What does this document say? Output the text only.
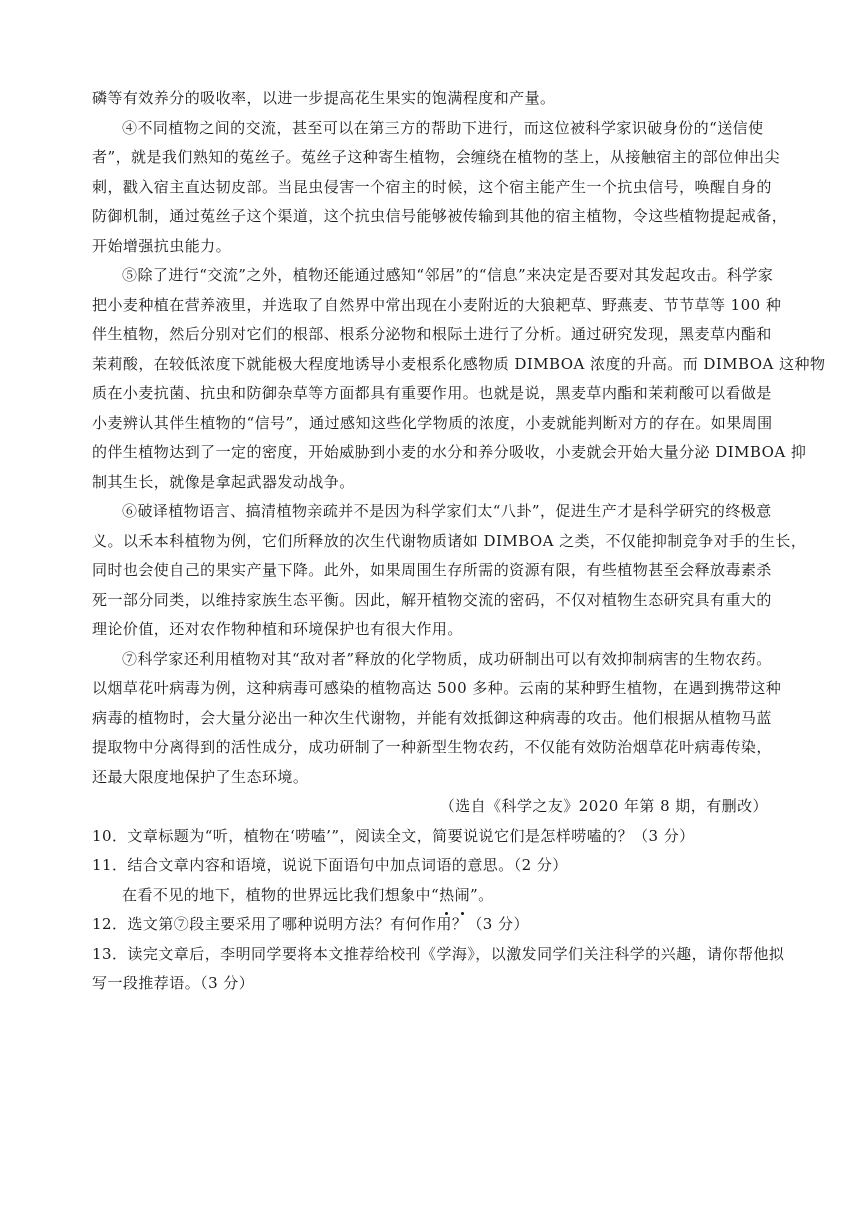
磷等有效养分的吸收率，以进一步提高花生果实的饱满程度和产量。
④不同植物之间的交流，甚至可以在第三方的帮助下进行，而这位被科学家识破身份的“送信使
者”，就是我们熟知的菟丝子。菟丝子这种寄生植物，会缠绕在植物的茎上，从接触宿主的部位伸出尖
刺，戳入宿主直达韧皮部。当昆虫侵害一个宿主的时候，这个宿主能产生一个抗虫信号，唤醒自身的
防御机制，通过菟丝子这个渠道，这个抗虫信号能够被传输到其他的宿主植物，令这些植物提起戒备，
开始增强抗虫能力。
⑤除了进行“交流”之外，植物还能通过感知“邻居”的“信息”来决定是否要对其发起攻击。科学家
把小麦种植在营养液里，并选取了自然界中常出现在小麦附近的大狼耙草、野燕麦、节节草等 100 种
伴生植物，然后分别对它们的根部、根系分泌物和根际土进行了分析。通过研究发现，黑麦草内酯和
茉莉酸，在较低浓度下就能极大程度地诱导小麦根系化感物质 DIMBOA 浓度的升高。而 DIMBOA 这种物
质在小麦抗菌、抗虫和防御杂草等方面都具有重要作用。也就是说，黑麦草内酯和茉莉酸可以看做是
小麦辨认其伴生植物的“信号”，通过感知这些化学物质的浓度，小麦就能判断对方的存在。如果周围
的伴生植物达到了一定的密度，开始威胁到小麦的水分和养分吸收，小麦就会开始大量分泌 DIMBOA 抑
制其生长，就像是拿起武器发动战争。
⑥破译植物语言、搞清植物亲疏并不是因为科学家们太“八卦”，促进生产才是科学研究的终极意
义。以禾本科植物为例，它们所释放的次生代谢物质诸如 DIMBOA 之类，不仅能抑制竞争对手的生长，
同时也会使自己的果实产量下降。此外，如果周围生存所需的资源有限，有些植物甚至会释放毒素杀
死一部分同类，以维持家族生态平衡。因此，解开植物交流的密码，不仅对植物生态研究具有重大的
理论价值，还对农作物种植和环境保护也有很大作用。
⑦科学家还利用植物对其“敌对者”释放的化学物质，成功研制出可以有效抑制病害的生物农药。
以烟草花叶病毒为例，这种病毒可感染的植物高达 500 多种。云南的某种野生植物，在遇到携带这种
病毒的植物时，会大量分泌出一种次生代谢物，并能有效抵御这种病毒的攻击。他们根据从植物马蓝
提取物中分离得到的活性成分，成功研制了一种新型生物农药，不仅能有效防治烟草花叶病毒传染，
还最大限度地保护了生态环境。
（选自《科学之友》2020 年第 8 期，有删改）
10．文章标题为“听，植物在‘唠嗑’”，阅读全文，简要说说它们是怎样唠嗑的？（3 分）
11．结合文章内容和语境，说说下面语句中加点词语的意思。（2 分）
在看不见的地下，植物的世界远比我们想象中“热闹”。
12．选文第⑦段主要采用了哪种说明方法？有何作用？（3 分）
13．读完文章后，李明同学要将本文推荐给校刊《学海》，以激发同学们关注科学的兴趣，请你帮他拟
写一段推荐语。（3 分）
